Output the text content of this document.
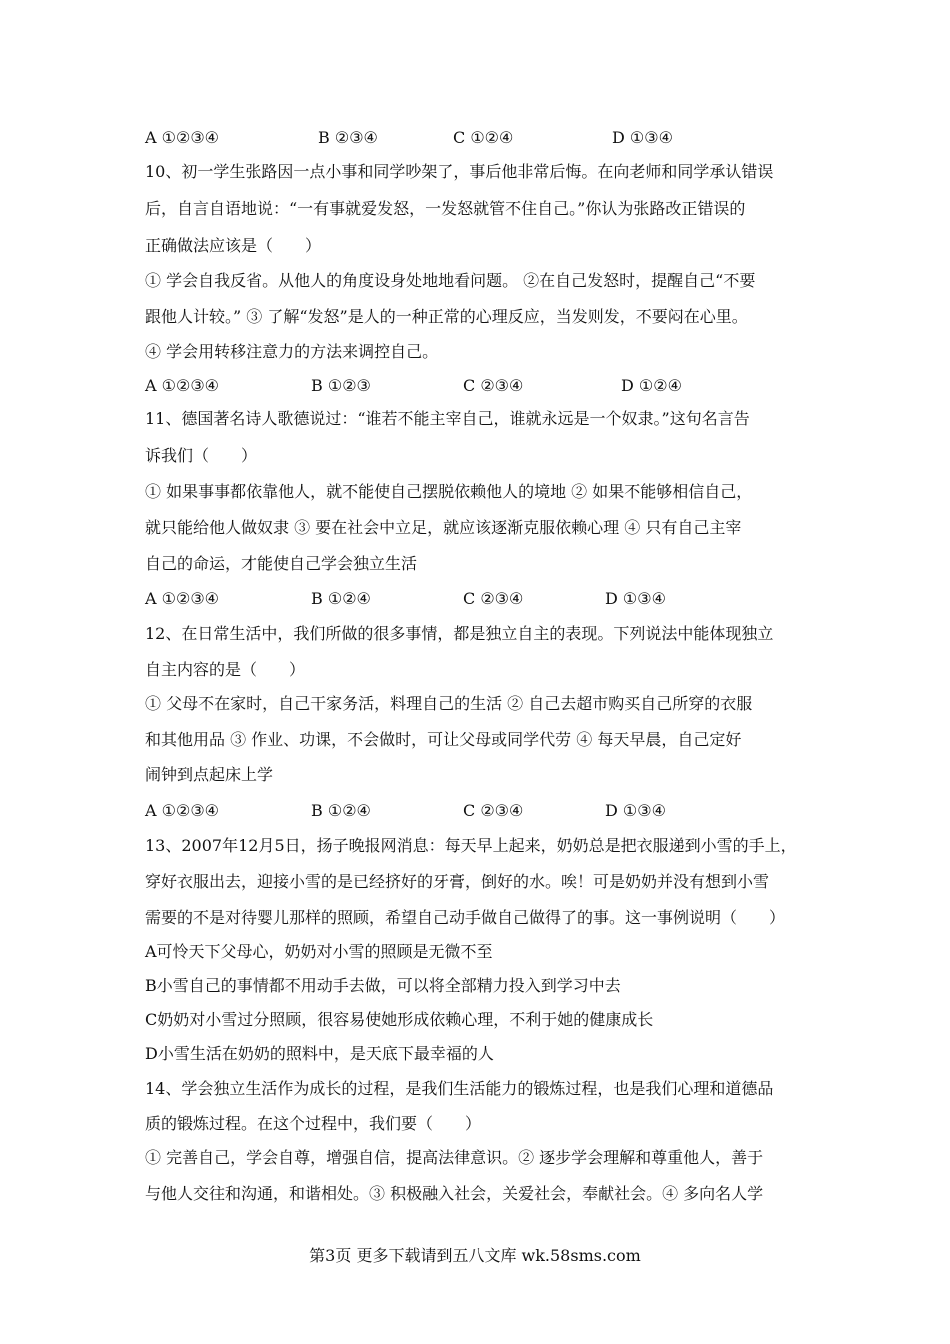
A ①②③④	B ②③④	C ①②④	D ①③④
10、初一学生张路因一点小事和同学吵架了，事后他非常后悔。在向老师和同学承认错误
后，自言自语地说：“一有事就爱发怒，一发怒就管不住自己。”你认为张路改正错误的
正确做法应该是（　　）
① 学会自我反省。从他人的角度设身处地地看问题。 ②在自己发怒时，提醒自己“不要
跟他人计较。” ③ 了解“发怒”是人的一种正常的心理反应，当发则发，不要闷在心里。
④ 学会用转移注意力的方法来调控自己。
A ①②③④	B ①②③	C ②③④	D ①②④
11、德国著名诗人歌德说过：“谁若不能主宰自己，谁就永远是一个奴隶。”这句名言告
诉我们（　　）
① 如果事事都依靠他人，就不能使自己摆脱依赖他人的境地 ② 如果不能够相信自己，
就只能给他人做奴隶 ③ 要在社会中立足，就应该逐渐克服依赖心理 ④ 只有自己主宰
自己的命运，才能使自己学会独立生活
A ①②③④	B ①②④	C ②③④	D ①③④
12、在日常生活中，我们所做的很多事情，都是独立自主的表现。下列说法中能体现独立
自主内容的是（　　）
① 父母不在家时，自己干家务活，料理自己的生活 ② 自己去超市购买自己所穿的衣服
和其他用品 ③ 作业、功课，不会做时，可让父母或同学代劳 ④ 每天早晨，自己定好
闹钟到点起床上学
A ①②③④	B ①②④	C ②③④	D ①③④
13、2007年12月5日，扬子晚报网消息：每天早上起来，奶奶总是把衣服递到小雪的手上，
穿好衣服出去，迎接小雪的是已经挤好的牙膏，倒好的水。唉！可是奶奶并没有想到小雪
需要的不是对待婴儿那样的照顾，希望自己动手做自己做得了的事。这一事例说明（　　）
A可怜天下父母心，奶奶对小雪的照顾是无微不至
B小雪自己的事情都不用动手去做，可以将全部精力投入到学习中去
C奶奶对小雪过分照顾，很容易使她形成依赖心理，不利于她的健康成长
D小雪生活在奶奶的照料中，是天底下最幸福的人
14、学会独立生活作为成长的过程，是我们生活能力的锻炼过程，也是我们心理和道德品
质的锻炼过程。在这个过程中，我们要（　　）
① 完善自己，学会自尊，增强自信，提高法律意识。② 逐步学会理解和尊重他人，善于
与他人交往和沟通，和谐相处。③ 积极融入社会，关爱社会，奉献社会。④ 多向名人学
第3页 更多下载请到五八文库 wk.58sms.com
